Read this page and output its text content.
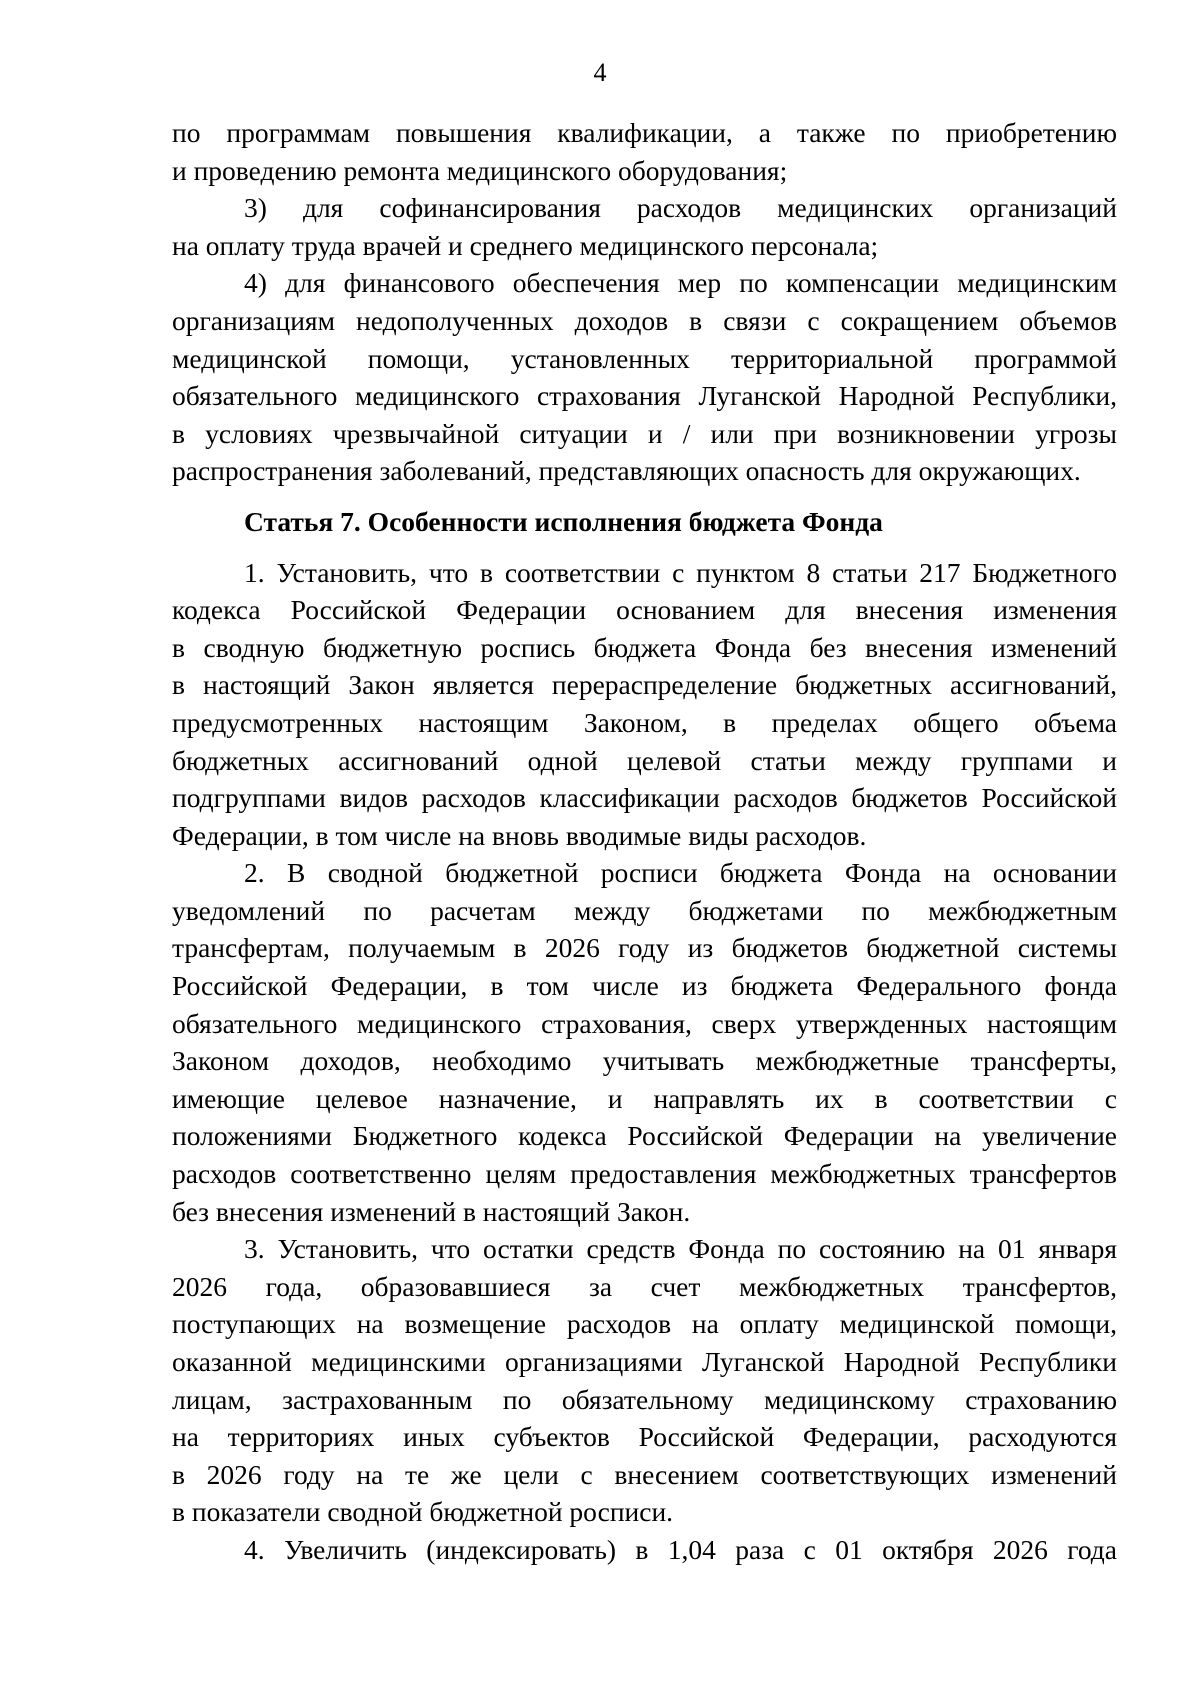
4
по программам повышения квалификации, а также по приобретению
и проведению ремонта медицинского оборудования;
3) для софинансирования расходов медицинских организаций
на оплату труда врачей и среднего медицинского персонала;
4) для финансового обеспечения мер по компенсации медицинским
организациям недополученных доходов в связи с сокращением объемов
медицинской помощи, установленных территориальной программой
обязательного медицинского страхования Луганской Народной Республики,
в условиях чрезвычайной ситуации и / или при возникновении угрозы
распространения заболеваний, представляющих опасность для окружающих.
Статья 7. Особенности исполнения бюджета Фонда
1. Установить, что в соответствии с пунктом 8 статьи 217 Бюджетного
кодекса Российской Федерации основанием для внесения изменения
в сводную бюджетную роспись бюджета Фонда без внесения изменений
в настоящий Закон является перераспределение бюджетных ассигнований,
предусмотренных настоящим Законом, в пределах общего объема
бюджетных ассигнований одной целевой статьи между группами и
подгруппами видов расходов классификации расходов бюджетов Российской
Федерации, в том числе на вновь вводимые виды расходов.
2. В сводной бюджетной росписи бюджета Фонда на основании
уведомлений по расчетам между бюджетами по межбюджетным
трансфертам, получаемым в 2026 году из бюджетов бюджетной системы
Российской Федерации, в том числе из бюджета Федерального фонда
обязательного медицинского страхования, сверх утвержденных настоящим
Законом доходов, необходимо учитывать межбюджетные трансферты,
имеющие целевое назначение, и направлять их в соответствии с
положениями Бюджетного кодекса Российской Федерации на увеличение
расходов соответственно целям предоставления межбюджетных трансфертов
без внесения изменений в настоящий Закон.
3. Установить, что остатки средств Фонда по состоянию на 01 января
2026 года, образовавшиеся за счет межбюджетных трансфертов,
поступающих на возмещение расходов на оплату медицинской помощи,
оказанной медицинскими организациями Луганской Народной Республики
лицам, застрахованным по обязательному медицинскому страхованию
на территориях иных субъектов Российской Федерации, расходуются
в 2026 году на те же цели с внесением соответствующих изменений
в показатели сводной бюджетной росписи.
4. Увеличить (индексировать) в 1,04 раза с 01 октября 2026 года
